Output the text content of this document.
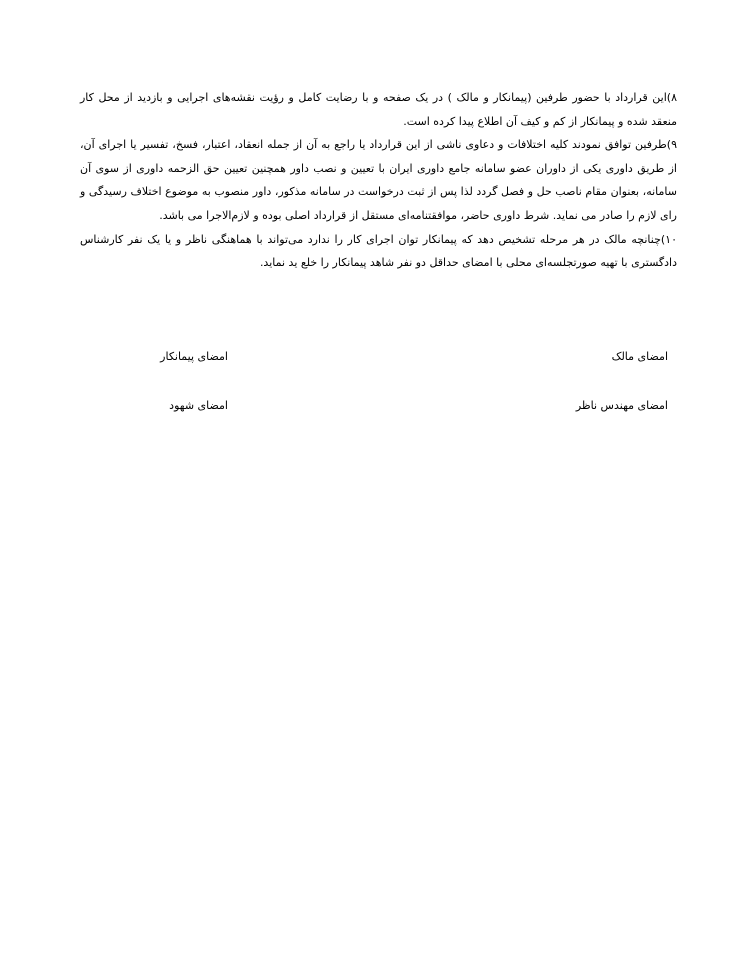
۸)این قرارداد با حضور طرفین (پیمانکار و مالک ) در یک صفحه و با رضایت کامل و رؤیت نقشه‌های اجرایی و بازدید از محل کار منعقد شده و پیمانکار از کم و کیف آن اطلاع پیدا کرده است.

۹)طرفین توافق نمودند کلیه اختلافات و دعاوی ناشی از این قرارداد یا راجع به آن از جمله انعقاد، اعتبار، فسخ، تفسیر یا اجرای آن، از طریق داوری یکی از داوران عضو سامانه جامع داوری ایران با تعیین و نصب داور همچنین تعیین حق الزحمه داوری از سوی آن سامانه، بعنوان مقام ناصب حل و فصل گردد لذا پس از ثبت درخواست در سامانه مذکور، داور منصوب به موضوع اختلاف رسیدگی و رای لازم را صادر می نماید. شرط داوری حاضر، موافقتنامه‌ای مستقل از قرارداد اصلی بوده و لازم‌الاجرا می باشد.

۱۰)چنانچه مالک در هر مرحله تشخیص دهد که پیمانکار توان اجرای کار را ندارد می‌تواند با هماهنگی ناظر و یا یک نفر کارشناس دادگستری با تهیه صورتجلسه‌ای محلی با امضای حداقل دو نفر شاهد پیمانکار را خلع ید نماید.

امضای مالک
امضای پیمانکار
امضای مهندس ناظر
امضای شهود
